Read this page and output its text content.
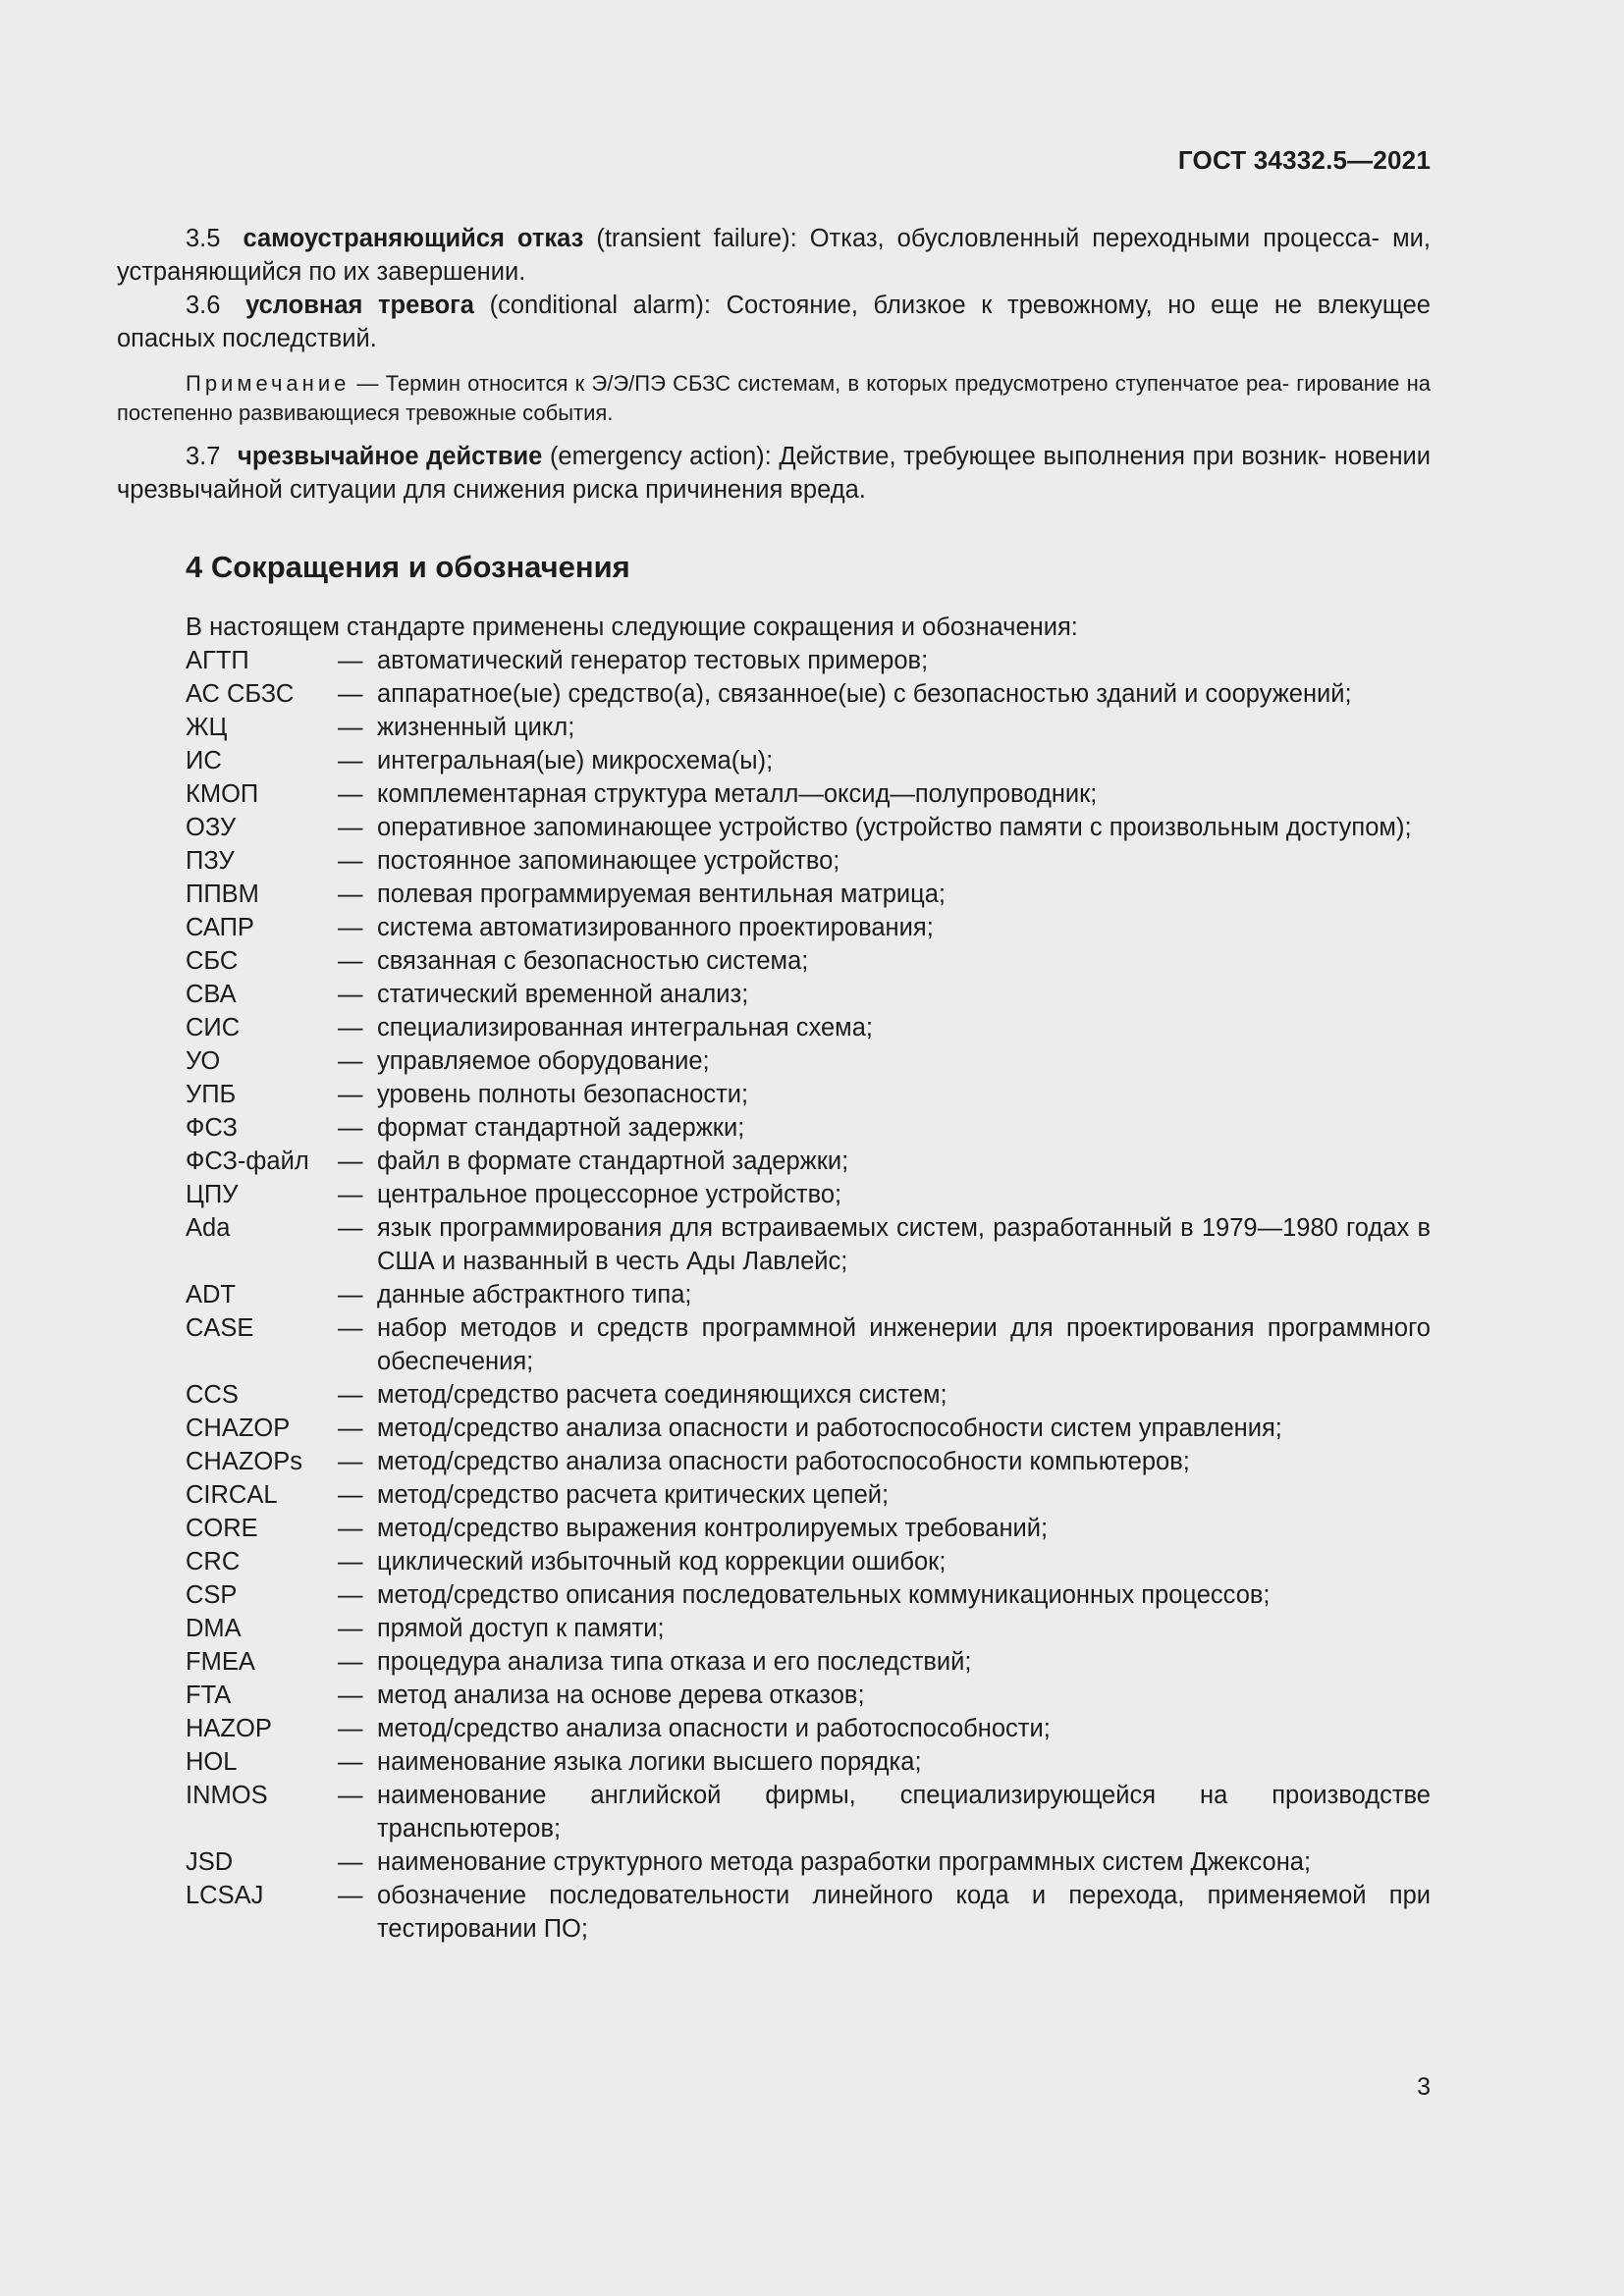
ГОСТ 34332.5—2021

3.5 самоустраняющийся отказ (transient failure): Отказ, обусловленный переходными процесса- ми, устраняющийся по их завершении.

3.6 условная тревога (conditional alarm): Состояние, близкое к тревожному, но еще не влекущее опасных последствий.

Примечание — Термин относится к Э/Э/ПЭ СБЗС системам, в которых предусмотрено ступенчатое реа- гирование на постепенно развивающиеся тревожные события.

3.7 чрезвычайное действие (emergency action): Действие, требующее выполнения при возник- новении чрезвычайной ситуации для снижения риска причинения вреда.

4 Сокращения и обозначения
В настоящем стандарте применены следующие сокращения и обозначения:
АГТП	— автоматический генератор тестовых примеров;
АС СБЗС	— аппаратное(ые) средство(а), связанное(ые) с безопасностью зданий и сооружений;
ЖЦ	— жизненный цикл;
ИС	— интегральная(ые) микросхема(ы);
КМОП	— комплементарная структура металл—оксид—полупроводник;
ОЗУ	— оперативное запоминающее устройство (устройство памяти с произвольным доступом);
ПЗУ	— постоянное запоминающее устройство;
ППВМ	— полевая программируемая вентильная матрица;
САПР	— система автоматизированного проектирования;
СБС	— связанная с безопасностью система;
СВА	— статический временной анализ;
СИС	— специализированная интегральная схема;
УО	— управляемое оборудование;
УПБ	— уровень полноты безопасности;
ФСЗ	— формат стандартной задержки;
ФСЗ-файл	— файл в формате стандартной задержки;
ЦПУ	— центральное процессорное устройство;
Ada	— язык программирования для встраиваемых систем, разработанный в 1979—1980 годах в США и названный в честь Ады Лавлейс;
ADT	— данные абстрактного типа;
CASE	— набор методов и средств программной инженерии для проектирования программного обеспечения;
CCS	— метод/средство расчета соединяющихся систем;
CHAZOP	— метод/средство анализа опасности и работоспособности систем управления;
CHAZOPs	— метод/средство анализа опасности работоспособности компьютеров;
CIRCAL	— метод/средство расчета критических цепей;
CORE	— метод/средство выражения контролируемых требований;
CRC	— циклический избыточный код коррекции ошибок;
CSP	— метод/средство описания последовательных коммуникационных процессов;
DMA	— прямой доступ к памяти;
FMEA	— процедура анализа типа отказа и его последствий;
FTA	— метод анализа на основе дерева отказов;
HAZOP	— метод/средство анализа опасности и работоспособности;
HOL	— наименование языка логики высшего порядка;
INMOS	— наименование английской фирмы, специализирующейся на производстве транспьютеров;
JSD	— наименование структурного метода разработки программных систем Джексона;
LCSAJ	— обозначение последовательности линейного кода и перехода, применяемой при тестировании ПО;
3
